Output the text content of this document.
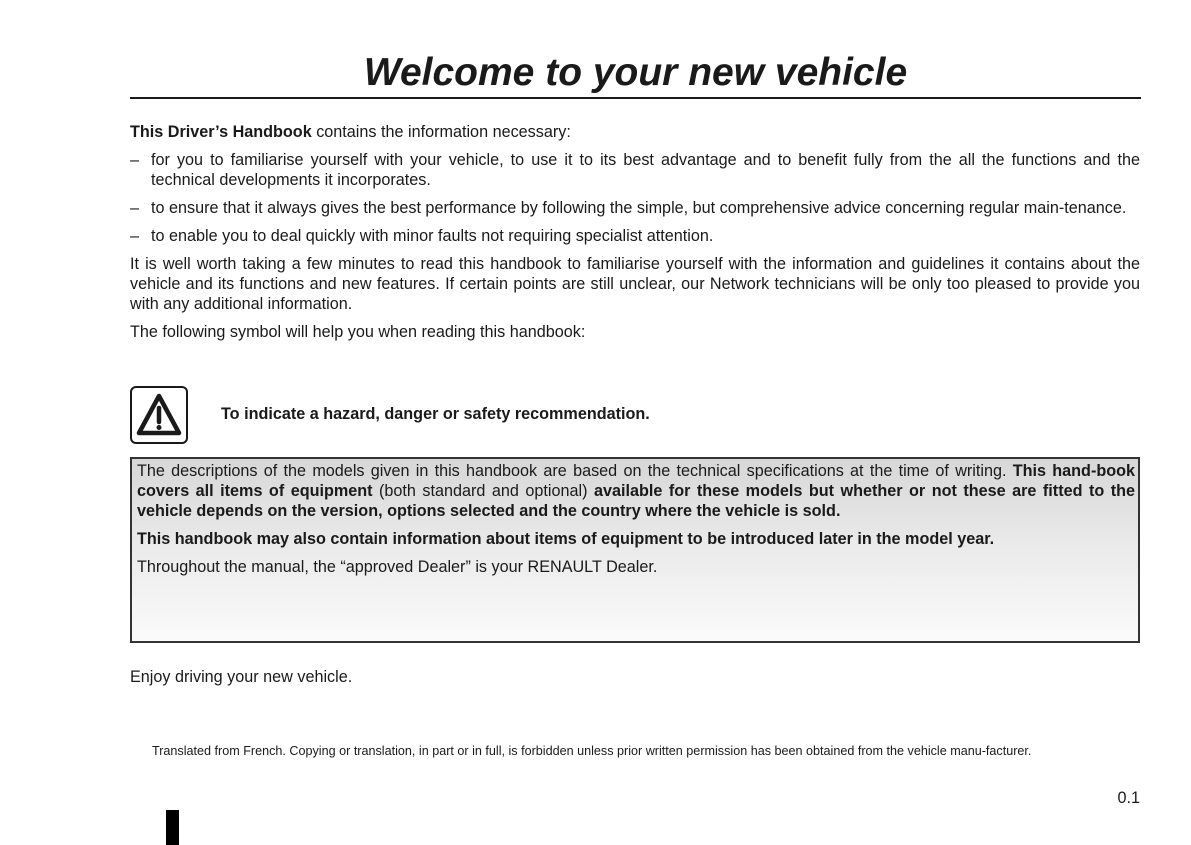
Welcome to your new vehicle

This Driver’s Handbook contains the information necessary:

– for you to familiarise yourself with your vehicle, to use it to its best advantage and to benefit fully from the all the functions and the technical developments it incorporates.
– to ensure that it always gives the best performance by following the simple, but comprehensive advice concerning regular main-tenance.
– to enable you to deal quickly with minor faults not requiring specialist attention.

It is well worth taking a few minutes to read this handbook to familiarise yourself with the information and guidelines it contains about the vehicle and its functions and new features. If certain points are still unclear, our Network technicians will be only too pleased to provide you with any additional information.

The following symbol will help you when reading this handbook:

To indicate a hazard, danger or safety recommendation.

The descriptions of the models given in this handbook are based on the technical specifications at the time of writing. This hand-book covers all items of equipment (both standard and optional) available for these models but whether or not these are fitted to the vehicle depends on the version, options selected and the country where the vehicle is sold.

This handbook may also contain information about items of equipment to be introduced later in the model year.

Throughout the manual, the “approved Dealer” is your RENAULT Dealer.

Enjoy driving your new vehicle.
Translated from French. Copying or translation, in part or in full, is forbidden unless prior written permission has been obtained from the vehicle manu-facturer.
0.1
